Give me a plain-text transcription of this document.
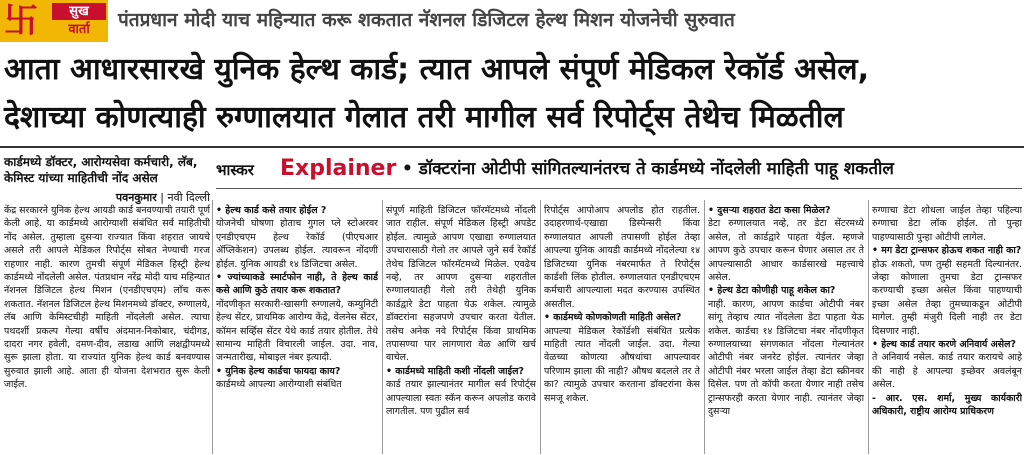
卐	सुख
वार्ता	पंतप्रधान मोदी याच महिन्यात करू शकतात नॅशनल डिजिटल हेल्थ मिशन योजनेची सुरुवात
आता आधारसारखे युनिक हेल्थ कार्ड; त्यात आपले संपूर्ण मेडिकल रेकॉर्ड असेल,
देशाच्या कोणत्याही रुग्णालयात गेलात तरी मागील सर्व रिपोर्ट्स तेथेच मिळतील
कार्डमध्ये डॉक्टर, आरोग्यसेवा कर्मचारी, लॅब, केमिस्ट यांच्या माहितीची नोंद असेल
पवनकुमार | नवी दिल्ली
भास्कर Explainer • डॉक्टरांना ओटीपी सांगितल्यानंतरच ते कार्डमध्ये नोंदलेली माहिती पाहू शकतील

केंद्र सरकारने युनिक हेल्थ आयडी कार्ड बनवण्याची तयारी पूर्ण केली आहे. या कार्डमध्ये आरोग्याशी संबंधित सर्व माहितीची नोंद असेल. तुम्हाला दुसऱ्या राज्यात किंवा शहरात जायचे असले तरी आपले मेडिकल रिपोर्ट्स सोबत नेण्याची गरज राहणार नाही. कारण तुमची संपूर्ण मेडिकल हिस्ट्री हेल्थ कार्डमध्ये नोंदलेली असेल. पंतप्रधान नरेंद्र मोदी याच महिन्यात नॅशनल डिजिटल हेल्थ मिशन (एनडीएचएम) लाँच करू शकतात. नॅशनल डिजिटल हेल्थ मिशनमध्ये डॉक्टर, रुग्णालये, लॅब आणि केमिस्टचीही माहिती नोंदलेली असेल. त्याचा पथदर्शी प्रकल्प गेल्या वर्षीच अंदमान-निकोबार, चंदीगड, दादरा नगर हवेली, दमण-दीव, लडाख आणि लक्षद्वीपमध्ये सुरू झाला होता. या राज्यांत युनिक हेल्थ कार्ड बनवण्यास सुरुवात झाली आहे. आता ही योजना देशभरात सुरू केली जाईल.

• हेल्थ कार्ड कसे तयार होईल ?

योजनेची घोषणा होताच गुगल प्ले स्टोअरवर एनडीएचएम हेल्थ रेकॉर्ड (पीएचआर ॲप्लिकेशन) उपलब्ध होईल. त्यावरून नोंदणी होईल. युनिक आयडी १४ डिजिटचा असेल.

• ज्यांच्याकडे स्मार्टफोन नाही, ते हेल्थ कार्ड कसे आणि कुठे तयार करू शकतात?

नोंदणीकृत सरकारी-खासगी रुग्णालये, कम्युनिटी हेल्थ सेंटर, प्राथमिक आरोग्य केंद्रे, वेलनेस सेंटर, कॉमन सर्व्हिस सेंटर येथे कार्ड तयार होतील. तेथे सामान्य माहिती विचारली जाईल. उदा. नाव, जन्मतारीख, मोबाइल नंबर इत्यादी.

• युनिक हेल्थ कार्डचा फायदा काय?

कार्डमध्ये आपल्या आरोग्याशी संबंधित

संपूर्ण माहिती डिजिटल फॉरमॅटमध्ये नोंदली जात राहील. संपूर्ण मेडिकल हिस्ट्री अपडेट होईल. त्यामुळे आपण एखाद्या रुग्णालयात उपचारासाठी गेलो तर आपले जुने सर्व रेकॉर्ड तेथेच डिजिटल फॉरमॅटमध्ये मिळेल. एवढेच नव्हे, तर आपण दुसऱ्या शहरातील रुग्णालयातही गेलो तरी तेथेही युनिक कार्डद्वारे डेटा पाहता येऊ शकेल. त्यामुळे डॉक्टरांना सहजपणे उपचार करता येतील. तसेच अनेक नवे रिपोर्ट्स किंवा प्राथमिक तपासण्या पार लागणारा वेळ आणि खर्च वाचेल.

• कार्डमध्ये माहिती कशी नोंदली जाईल?

कार्ड तयार झाल्यानंतर मागील सर्व रिपोर्ट्स आपल्याला स्वतः स्कॅन करून अपलोड करावे लागतील. पण पुढील सर्व

रिपोर्ट्स आपोआप अपलोड होत राहतील. उदाहरणार्थ-एखाद्या डिस्पेन्सरी किंवा रुग्णालयात आपली तपासणी होईल तेव्हा आपल्या युनिक आयडी कार्डमध्ये नोंदलेल्या १४ डिजिटच्या युनिक नंबरमार्फत ते रिपोर्ट्स कार्डशी लिंक होतील. रुग्णालयात एनडीएचएम कर्मचारी आपल्याला मदत करण्यास उपस्थित असतील.

• कार्डमध्ये कोणकोणती माहिती असेल?

आपल्या मेडिकल रेकॉर्डशी संबंधित प्रत्येक माहिती त्यात नोंदली जाईल. उदा. गेल्या वेळच्या कोणत्या औषधांचा आपल्यावर परिणाम झाला की नाही? औषध बदलले तर ते का? त्यामुळे उपचार करताना डॉक्टरांना केस समजू शकेल.

• दुसऱ्या शहरात डेटा कसा मिळेल?

डेटा रुग्णालयात नव्हे, तर डेटा सेंटरमध्ये असेल, तो कार्डद्वारे पाहता येईल. म्हणजे आपण कुठे उपचार करून घेणार असाल तर ते आपल्यासाठी आधार कार्डसारखे महत्त्वाचे असेल.

• हेल्थ डेटा कोणीही पाहू शकेल का?

नाही. कारण, आपण कार्डचा ओटीपी नंबर सांगू तेव्हाच त्यात नोंदलेला डेटा पाहता येऊ शकेल. कार्डचा १४ डिजिटचा नंबर नोंदणीकृत रुग्णालयाच्या संगणकात नोंदला गेल्यानंतर ओटीपी नंबर जनरेट होईल. त्यानंतर जेव्हा ओटीपी नंबर भरला जाईल तेव्हा डेटा स्क्रीनवर दिसेल. पण तो कॉपी करता येणार नाही तसेच ट्रान्सफरही करता येणार नाही. त्यानंतर जेव्हा दुसऱ्या

रुग्णाचा डेटा शोधला जाईल तेव्हा पहिल्या रुग्णाचा डेटा लॉक होईल. तो पुन्हा पाहण्यासाठी पुन्हा ओटीपी लागेल.

• मग डेटा ट्रान्सफर होऊच शकत नाही का?

होऊ शकतो, पण तुम्ही सहमती दिल्यानंतर. जेव्हा कोणाला तुमचा डेटा ट्रान्सफर करण्याची इच्छा असेल किंवा पाहण्याची इच्छा असेल तेव्हा तुमच्याकडून ओटीपी मागेल. तुम्ही मंजुरी दिली नाही तर डेटा दिसणार नाही.

• हेल्थ कार्ड तयार करणे अनिवार्य असेल?

ते अनिवार्य नसेल. कार्ड तयार करायचे आहे की नाही हे आपल्या इच्छेवर अवलंबून असेल.

- आर. एस. शर्मा, मुख्य कार्यकारी अधिकारी, राष्ट्रीय आरोग्य प्राधिकरण
